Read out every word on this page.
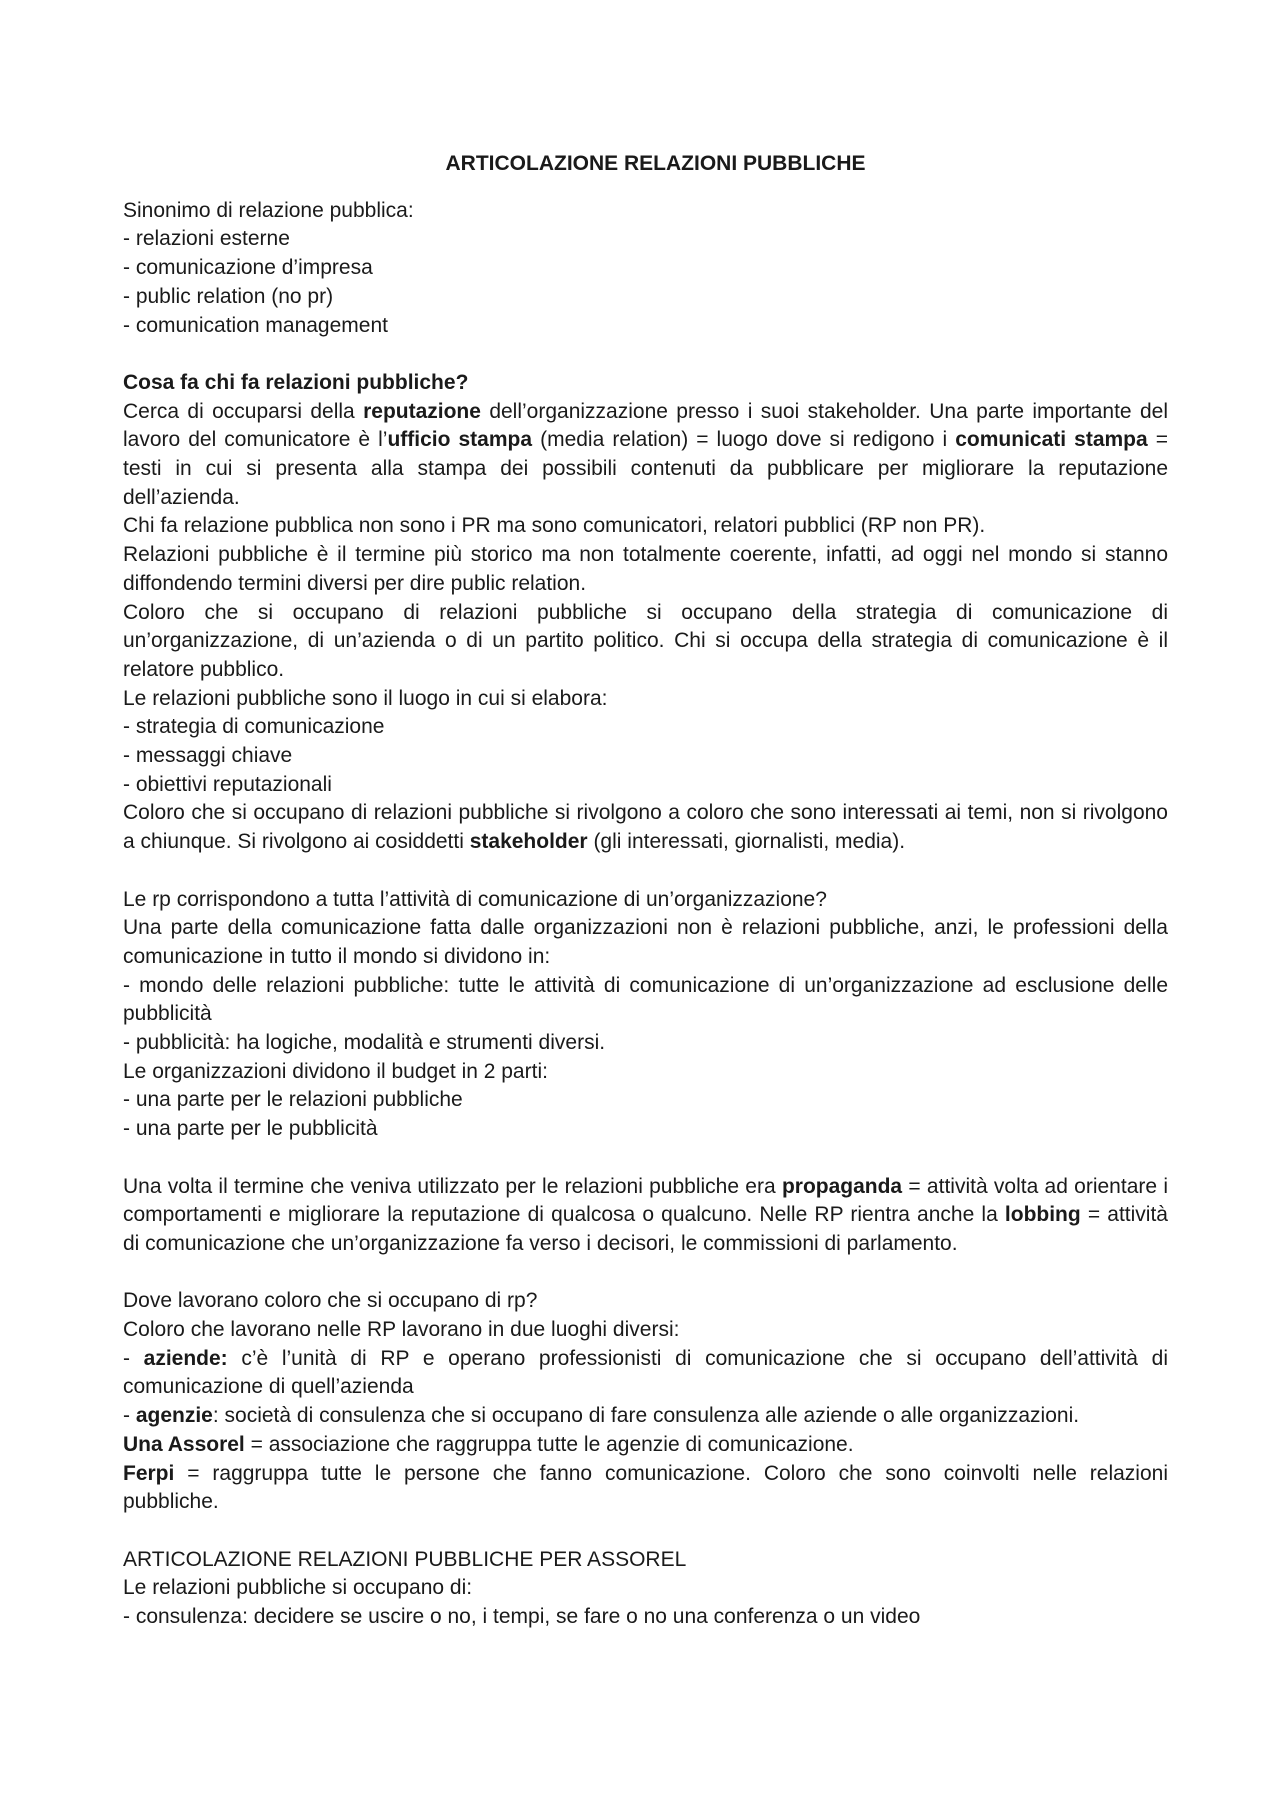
ARTICOLAZIONE RELAZIONI PUBBLICHE

Sinonimo di relazione pubblica:

- relazioni esterne

- comunicazione d’impresa

- public relation (no pr)

- comunication management

Cosa fa chi fa relazioni pubbliche?

Cerca di occuparsi della reputazione dell’organizzazione presso i suoi stakeholder. Una parte importante del lavoro del comunicatore è l’ufficio stampa (media relation) = luogo dove si redigono i comunicati stampa = testi in cui si presenta alla stampa dei possibili contenuti da pubblicare per migliorare la reputazione dell’azienda.

Chi fa relazione pubblica non sono i PR ma sono comunicatori, relatori pubblici (RP non PR).

Relazioni pubbliche è il termine più storico ma non totalmente coerente, infatti, ad oggi nel mondo si stanno diffondendo termini diversi per dire public relation.

Coloro che si occupano di relazioni pubbliche si occupano della strategia di comunicazione di un’organizzazione, di un’azienda o di un partito politico. Chi si occupa della strategia di comunicazione è il relatore pubblico.

Le relazioni pubbliche sono il luogo in cui si elabora:

- strategia di comunicazione

- messaggi chiave

- obiettivi reputazionali

Coloro che si occupano di relazioni pubbliche si rivolgono a coloro che sono interessati ai temi, non si rivolgono a chiunque. Si rivolgono ai cosiddetti stakeholder (gli interessati, giornalisti, media).

Le rp corrispondono a tutta l’attività di comunicazione di un’organizzazione?

Una parte della comunicazione fatta dalle organizzazioni non è relazioni pubbliche, anzi, le professioni della comunicazione in tutto il mondo si dividono in:

- mondo delle relazioni pubbliche: tutte le attività di comunicazione di un’organizzazione ad esclusione delle pubblicità

- pubblicità: ha logiche, modalità e strumenti diversi.

Le organizzazioni dividono il budget in 2 parti:

- una parte per le relazioni pubbliche

- una parte per le pubblicità

Una volta il termine che veniva utilizzato per le relazioni pubbliche era propaganda = attività volta ad orientare i comportamenti e migliorare la reputazione di qualcosa o qualcuno. Nelle RP rientra anche la lobbing = attività di comunicazione che un’organizzazione fa verso i decisori, le commissioni di parlamento.

Dove lavorano coloro che si occupano di rp?

Coloro che lavorano nelle RP lavorano in due luoghi diversi:

- aziende: c’è l’unità di RP e operano professionisti di comunicazione che si occupano dell’attività di comunicazione di quell’azienda

- agenzie: società di consulenza che si occupano di fare consulenza alle aziende o alle organizzazioni.

Una Assorel = associazione che raggruppa tutte le agenzie di comunicazione.

Ferpi = raggruppa tutte le persone che fanno comunicazione. Coloro che sono coinvolti nelle relazioni pubbliche.

ARTICOLAZIONE RELAZIONI PUBBLICHE PER ASSOREL

Le relazioni pubbliche si occupano di:

- consulenza: decidere se uscire o no, i tempi, se fare o no una conferenza o un video
